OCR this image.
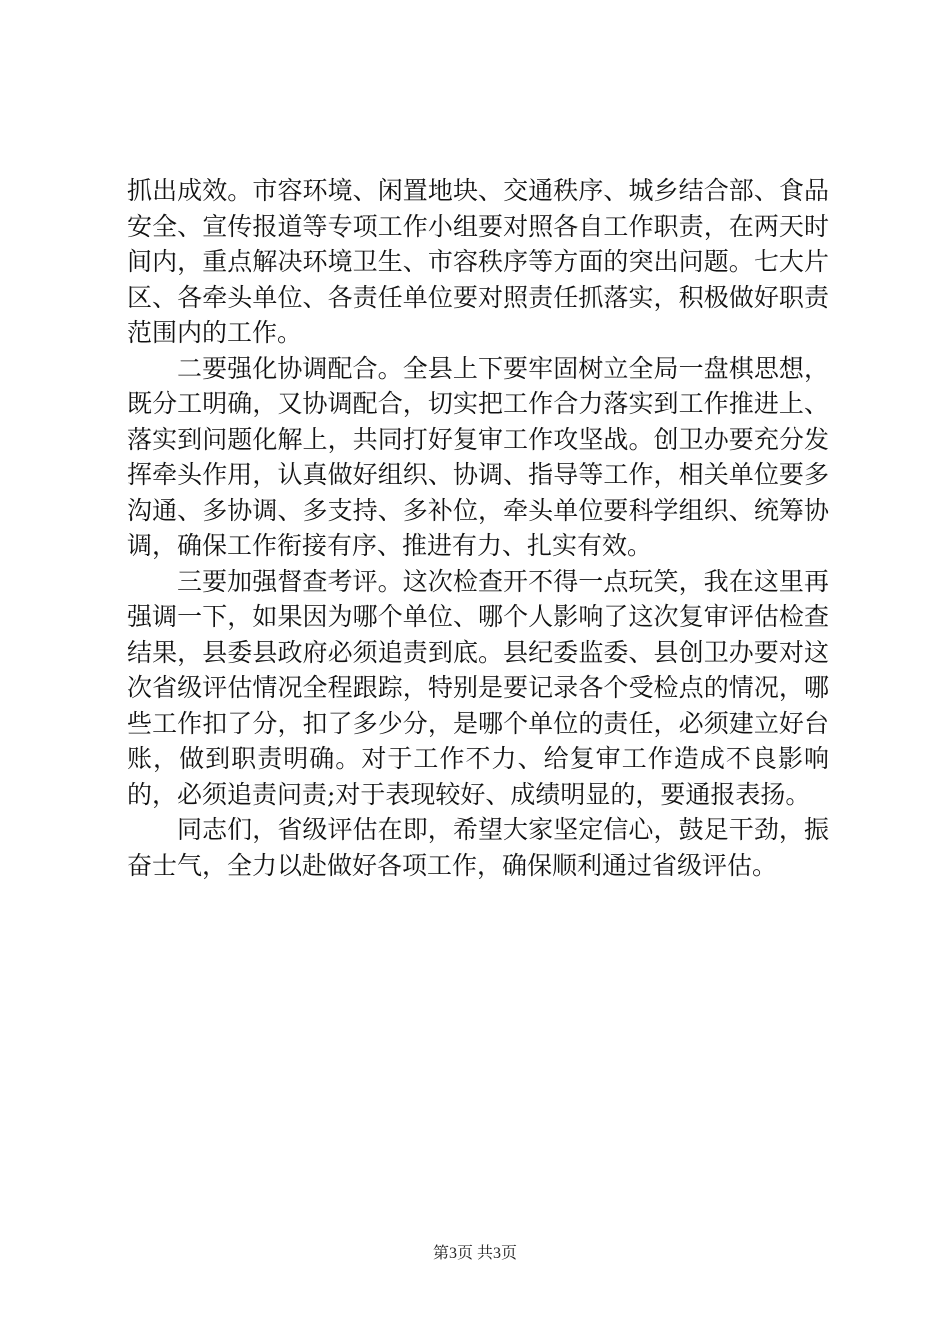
抓出成效。市容环境、闲置地块、交通秩序、城乡结合部、食品安全、宣传报道等专项工作小组要对照各自工作职责，在两天时间内，重点解决环境卫生、市容秩序等方面的突出问题。七大片区、各牵头单位、各责任单位要对照责任抓落实，积极做好职责范围内的工作。

二要强化协调配合。全县上下要牢固树立全局一盘棋思想，既分工明确，又协调配合，切实把工作合力落实到工作推进上、落实到问题化解上，共同打好复审工作攻坚战。创卫办要充分发挥牵头作用，认真做好组织、协调、指导等工作，相关单位要多沟通、多协调、多支持、多补位，牵头单位要科学组织、统筹协调，确保工作衔接有序、推进有力、扎实有效。

三要加强督查考评。这次检查开不得一点玩笑，我在这里再强调一下，如果因为哪个单位、哪个人影响了这次复审评估检查结果，县委县政府必须追责到底。县纪委监委、县创卫办要对这次省级评估情况全程跟踪，特别是要记录各个受检点的情况，哪些工作扣了分，扣了多少分，是哪个单位的责任，必须建立好台账，做到职责明确。对于工作不力、给复审工作造成不良影响的，必须追责问责;对于表现较好、成绩明显的，要通报表扬。

同志们，省级评估在即，希望大家坚定信心，鼓足干劲，振奋士气，全力以赴做好各项工作，确保顺利通过省级评估。

第3页 共3页
